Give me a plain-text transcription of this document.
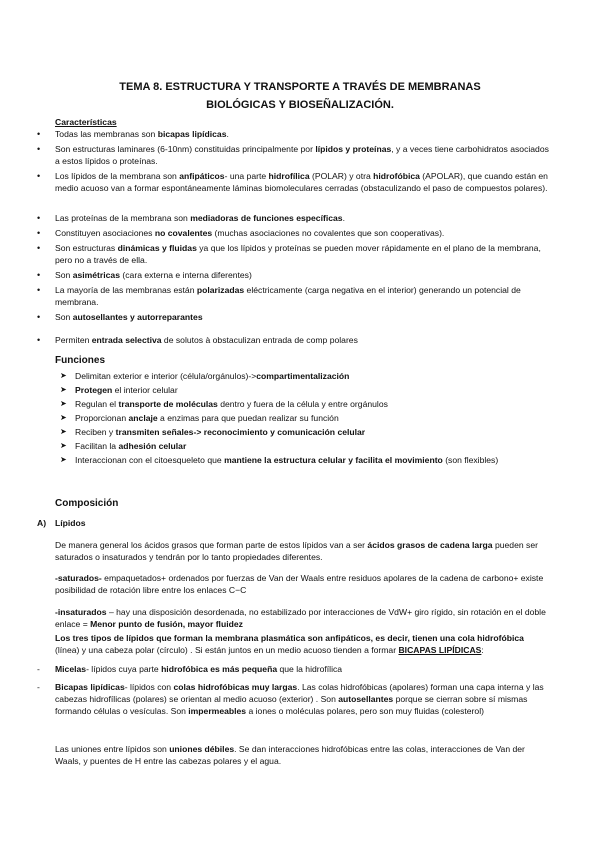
TEMA 8. ESTRUCTURA Y TRANSPORTE A TRAVÉS DE MEMBRANAS
BIOLÓGICAS Y BIOSEÑALIZACIÓN.
Características
•	Todas las membranas son bicapas lipídicas.
•	Son estructuras laminares (6-10nm) constituidas principalmente por lípidos y proteínas, y a veces tiene carbohidratos asociados a estos lípidos o proteínas.
•	Los lípidos de la membrana son anfipáticos- una parte hidrofílica (POLAR) y otra hidrofóbica (APOLAR), que cuando están en medio acuoso van a formar espontáneamente láminas biomoleculares cerradas (obstaculizando el paso de compuestos polares).
•	Las proteínas de la membrana son mediadoras de funciones específicas.
•	Constituyen asociaciones no covalentes (muchas asociaciones no covalentes que son cooperativas).
•	Son estructuras dinámicas y fluidas ya que los lípidos y proteínas se pueden mover rápidamente en el plano de la membrana, pero no a través de ella.
•	Son asimétricas (cara externa e interna diferentes)
•	La mayoría de las membranas están polarizadas eléctricamente (carga negativa en el interior) generando un potencial de membrana.
•	Son autosellantes y autorreparantes
•	Permiten entrada selectiva de solutos à obstaculizan entrada de comp polares
Funciones
➤ Delimitan exterior e interior (célula/orgánulos)->compartimentalización
➤ Protegen el interior celular
➤ Regulan el transporte de moléculas dentro y fuera de la célula y entre orgánulos
➤ Proporcionan anclaje a enzimas para que puedan realizar su función
➤ Reciben y transmiten señales-> reconocimiento y comunicación celular
➤ Facilitan la adhesión celular
➤ Interaccionan con el citoesqueleto que mantiene la estructura celular y facilita el movimiento (son flexibles)
Composición
A) Lípidos
De manera general los ácidos grasos que forman parte de estos lípidos van a ser ácidos grasos de cadena larga pueden ser saturados o insaturados y tendrán por lo tanto propiedades diferentes.
-saturados- empaquetados+ ordenados por fuerzas de Van der Waals entre residuos apolares de la cadena de carbono+ existe posibilidad de rotación libre entre los enlaces C−C
-insaturados – hay una disposición desordenada, no estabilizado por interacciones de VdW+ giro rígido, sin rotación en el doble enlace = Menor punto de fusión, mayor fluidez
Los tres tipos de lípidos que forman la membrana plasmática son anfipáticos, es decir, tienen una cola hidrofóbica (línea) y una cabeza polar (círculo) . Si están juntos en un medio acuoso tienden a formar BICAPAS LIPÍDICAS:
- Micelas- lípidos cuya parte hidrofóbica es más pequeña que la hidrofílica
- Bicapas lipídicas- lípidos con colas hidrofóbicas muy largas. Las colas hidrofóbicas (apolares) forman una capa interna y las cabezas hidrofílicas (polares) se orientan al medio acuoso (exterior) . Son autosellantes porque se cierran sobre sí mismas formando células o vesículas. Son impermeables a iones o moléculas polares, pero son muy fluidas (colesterol)
Las uniones entre lípidos son uniones débiles. Se dan interacciones hidrofóbicas entre las colas, interacciones de Van der Waals, y puentes de H entre las cabezas polares y el agua.
